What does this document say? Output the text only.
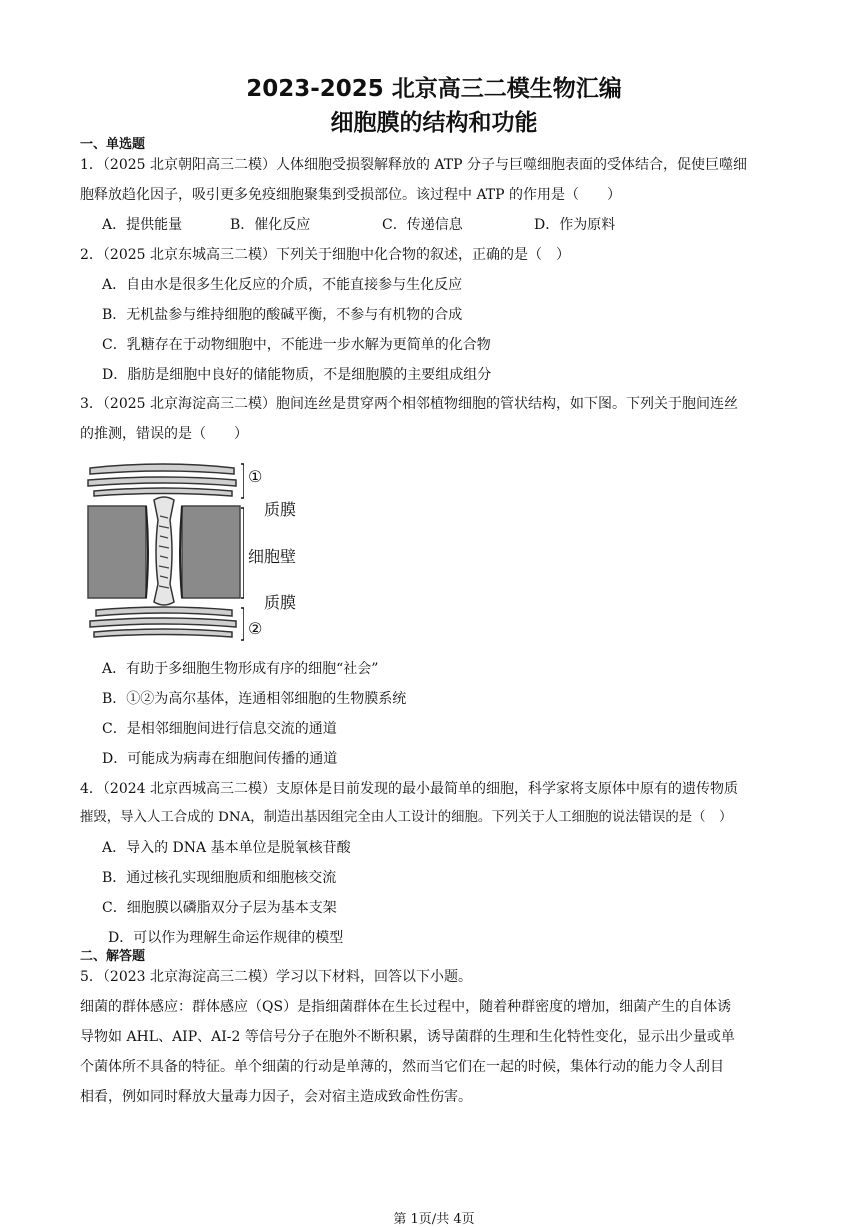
2023-2025 北京高三二模生物汇编
细胞膜的结构和功能
一、单选题
1．（2025 北京朝阳高三二模）人体细胞受损裂解释放的 ATP 分子与巨噬细胞表面的受体结合，促使巨噬细
胞释放趋化因子，吸引更多免疫细胞聚集到受损部位。该过程中 ATP 的作用是（　　）
A．提供能量	B．催化反应	C．传递信息	D．作为原料
2．（2025 北京东城高三二模）下列关于细胞中化合物的叙述，正确的是（　）
A．自由水是很多生化反应的介质，不能直接参与生化反应
B．无机盐参与维持细胞的酸碱平衡，不参与有机物的合成
C．乳糖存在于动物细胞中，不能进一步水解为更简单的化合物
D．脂肪是细胞中良好的储能物质，不是细胞膜的主要组成组分
3．（2025 北京海淀高三二模）胞间连丝是贯穿两个相邻植物细胞的管状结构，如下图。下列关于胞间连丝
的推测，错误的是（　　）
①
质膜
细胞壁
质膜
②
A．有助于多细胞生物形成有序的细胞“社会”
B．①②为高尔基体，连通相邻细胞的生物膜系统
C．是相邻细胞间进行信息交流的通道
D．可能成为病毒在细胞间传播的通道
4．（2024 北京西城高三二模）支原体是目前发现的最小最简单的细胞，科学家将支原体中原有的遗传物质
摧毁，导入人工合成的 DNA，制造出基因组完全由人工设计的细胞。下列关于人工细胞的说法错误的是（　）
A．导入的 DNA 基本单位是脱氧核苷酸
B．通过核孔实现细胞质和细胞核交流
C．细胞膜以磷脂双分子层为基本支架
D．可以作为理解生命运作规律的模型
二、解答题
5．（2023 北京海淀高三二模）学习以下材料，回答以下小题。
细菌的群体感应：群体感应（QS）是指细菌群体在生长过程中，随着种群密度的增加，细菌产生的自体诱
导物如 AHL、AIP、AI-2 等信号分子在胞外不断积累，诱导菌群的生理和生化特性变化，显示出少量或单
个菌体所不具备的特征。单个细菌的行动是单薄的，然而当它们在一起的时候，集体行动的能力令人刮目
相看，例如同时释放大量毒力因子，会对宿主造成致命性伤害。
第 1页/共 4页
